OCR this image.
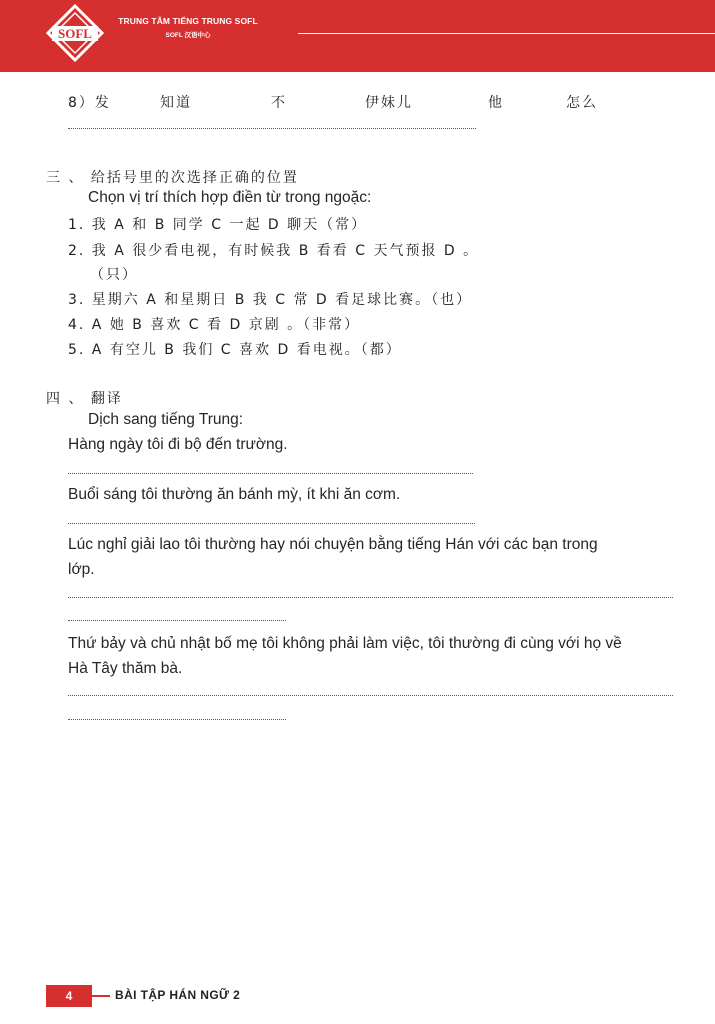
SOFL
TRUNG TÂM TIẾNG TRUNG SOFL
SOFL 汉语中心
8）发	知道	不	伊妹儿	他	怎么
三 、 给括号里的次选择正确的位置
Chọn vị trí thích hợp điền từ trong ngoặc:
1. 我 A 和 B 同学 C 一起 D 聊天（常）
2. 我 A 很少看电视，有时候我 B 看看 C 天气预报 D 。
（只）
3. 星期六 A 和星期日 B 我 C 常 D 看足球比赛。（也）
4. A 她 B 喜欢 C 看 D 京剧 。（非常）
5. A 有空儿 B 我们 C 喜欢 D 看电视。（都）
四 、 翻译
Dịch sang tiếng Trung:
Hàng ngày tôi đi bộ đến trường.
Buổi sáng tôi thường ăn bánh mỳ, ít khi ăn cơm.
Lúc nghỉ giải lao tôi thường hay nói chuyện bằng tiếng Hán với các bạn trong
lớp.
Thứ bảy và chủ nhật bố mẹ tôi không phải làm việc, tôi thường đi cùng với họ về
Hà Tây thăm bà.
4	BÀI TẬP HÁN NGỮ 2
